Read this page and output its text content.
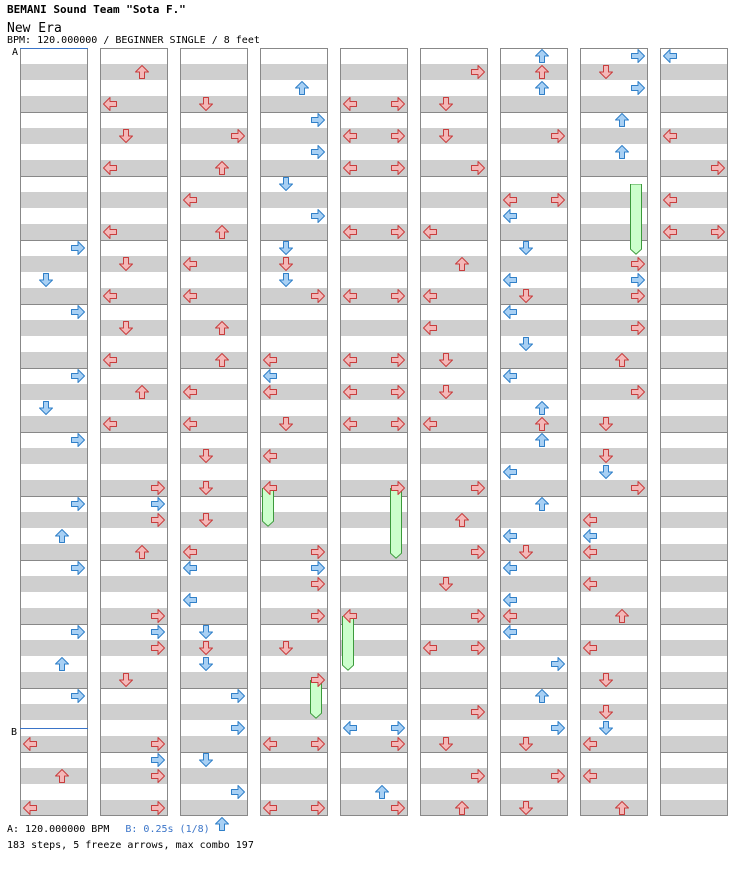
BEMANI Sound Team "Sota F."
New Era
BPM: 120.000000 / BEGINNER SINGLE / 8 feet
A
B
A: 120.000000 BPM B: 0.25s (1/8)
183 steps, 5 freeze arrows, max combo 197
